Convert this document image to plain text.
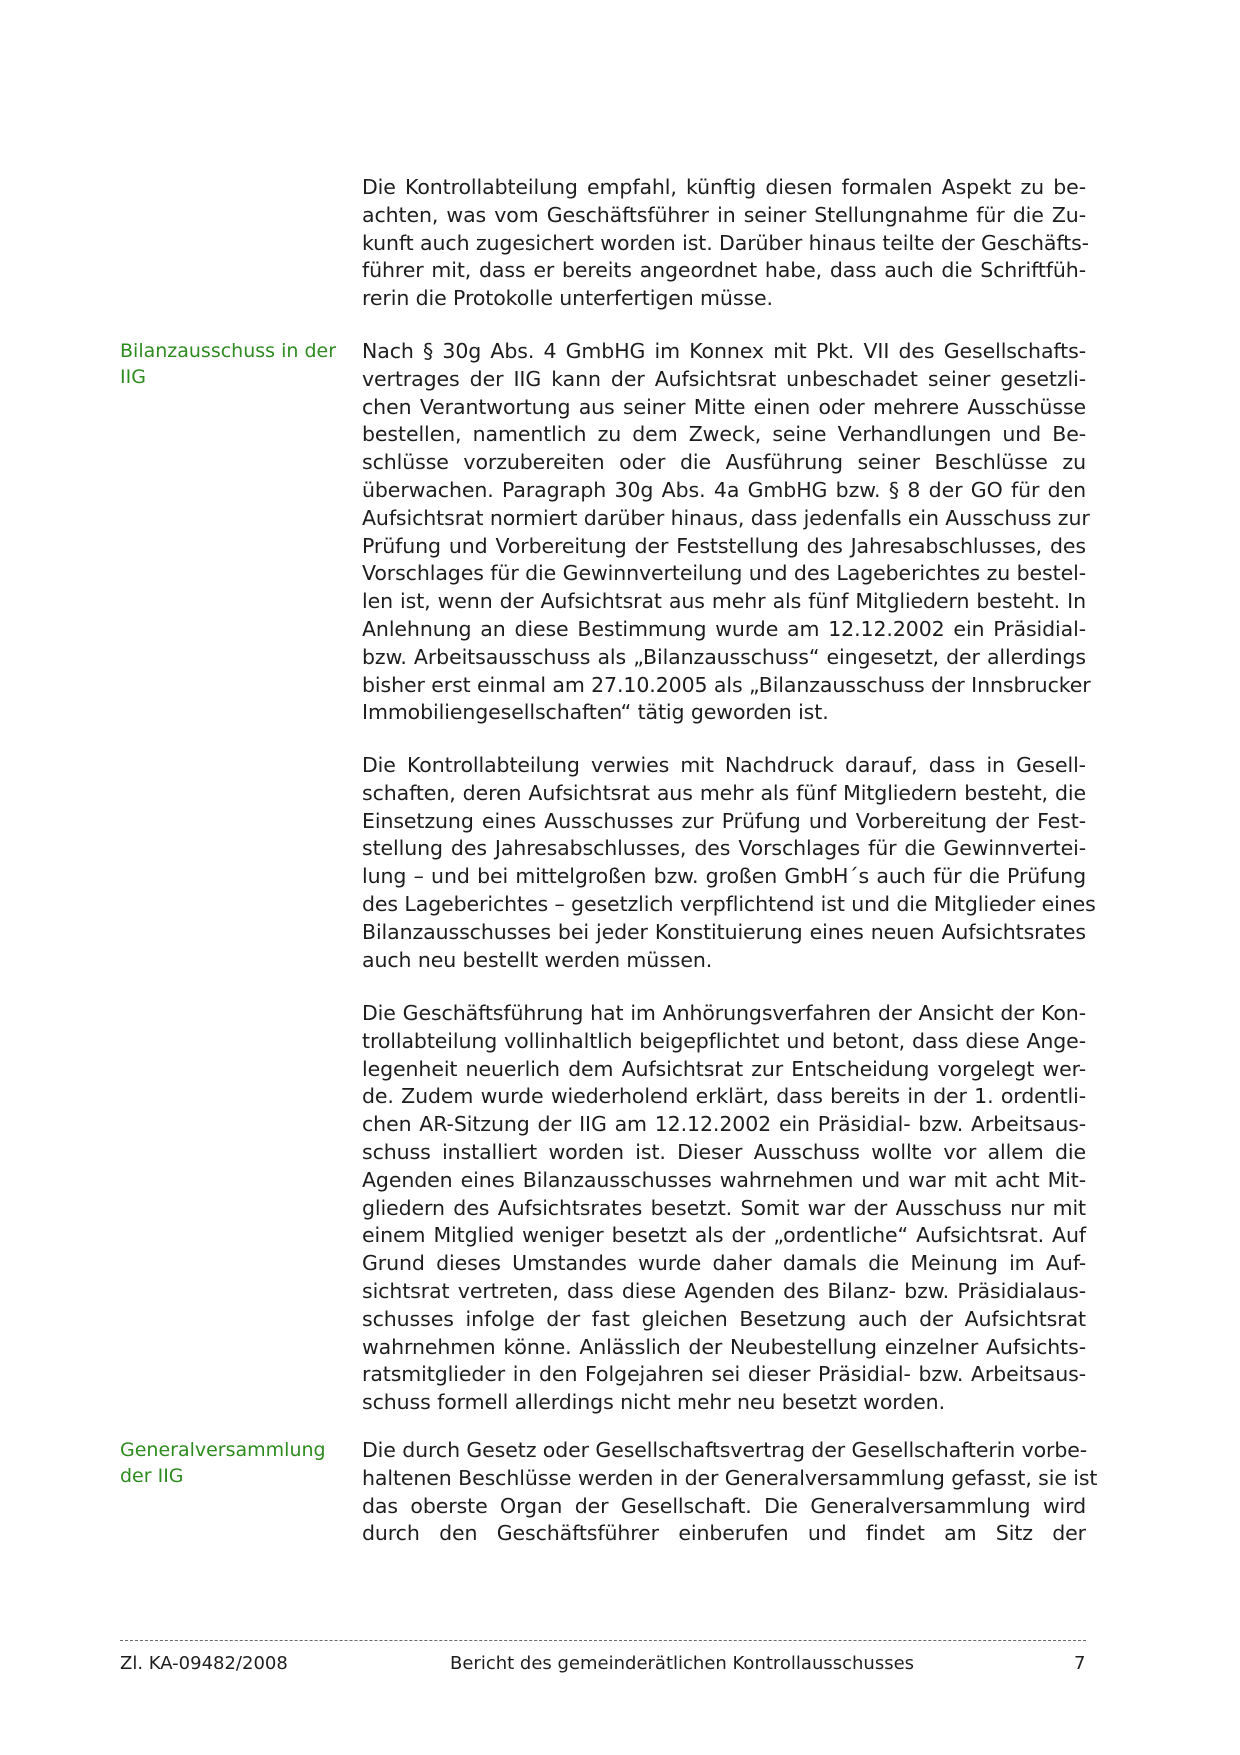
Die Kontrollabteilung empfahl, künftig diesen formalen Aspekt zu be-
achten, was vom Geschäftsführer in seiner Stellungnahme für die Zu-
kunft auch zugesichert worden ist. Darüber hinaus teilte der Geschäfts-
führer mit, dass er bereits angeordnet habe, dass auch die Schriftfüh-
rerin die Protokolle unterfertigen müsse.
Bilanzausschuss in der
IIG
Nach § 30g Abs. 4 GmbHG im Konnex mit Pkt. VII des Gesellschafts-
vertrages der IIG kann der Aufsichtsrat unbeschadet seiner gesetzli-
chen Verantwortung aus seiner Mitte einen oder mehrere Ausschüsse
bestellen, namentlich zu dem Zweck, seine Verhandlungen und Be-
schlüsse vorzubereiten oder die Ausführung seiner Beschlüsse zu
überwachen. Paragraph 30g Abs. 4a GmbHG bzw. § 8 der GO für den
Aufsichtsrat normiert darüber hinaus, dass jedenfalls ein Ausschuss zur
Prüfung und Vorbereitung der Feststellung des Jahresabschlusses, des
Vorschlages für die Gewinnverteilung und des Lageberichtes zu bestel-
len ist, wenn der Aufsichtsrat aus mehr als fünf Mitgliedern besteht. In
Anlehnung an diese Bestimmung wurde am 12.12.2002 ein Präsidial-
bzw. Arbeitsausschuss als „Bilanzausschuss“ eingesetzt, der allerdings
bisher erst einmal am 27.10.2005 als „Bilanzausschuss der Innsbrucker
Immobiliengesellschaften“ tätig geworden ist.
Die Kontrollabteilung verwies mit Nachdruck darauf, dass in Gesell-
schaften, deren Aufsichtsrat aus mehr als fünf Mitgliedern besteht, die
Einsetzung eines Ausschusses zur Prüfung und Vorbereitung der Fest-
stellung des Jahresabschlusses, des Vorschlages für die Gewinnvertei-
lung – und bei mittelgroßen bzw. großen GmbH´s auch für die Prüfung
des Lageberichtes – gesetzlich verpflichtend ist und die Mitglieder eines
Bilanzausschusses bei jeder Konstituierung eines neuen Aufsichtsrates
auch neu bestellt werden müssen.
Die Geschäftsführung hat im Anhörungsverfahren der Ansicht der Kon-
trollabteilung vollinhaltlich beigepflichtet und betont, dass diese Ange-
legenheit neuerlich dem Aufsichtsrat zur Entscheidung vorgelegt wer-
de. Zudem wurde wiederholend erklärt, dass bereits in der 1. ordentli-
chen AR-Sitzung der IIG am 12.12.2002 ein Präsidial- bzw. Arbeitsaus-
schuss installiert worden ist. Dieser Ausschuss wollte vor allem die
Agenden eines Bilanzausschusses wahrnehmen und war mit acht Mit-
gliedern des Aufsichtsrates besetzt. Somit war der Ausschuss nur mit
einem Mitglied weniger besetzt als der „ordentliche“ Aufsichtsrat. Auf
Grund dieses Umstandes wurde daher damals die Meinung im Auf-
sichtsrat vertreten, dass diese Agenden des Bilanz- bzw. Präsidialaus-
schusses infolge der fast gleichen Besetzung auch der Aufsichtsrat
wahrnehmen könne. Anlässlich der Neubestellung einzelner Aufsichts-
ratsmitglieder in den Folgejahren sei dieser Präsidial- bzw. Arbeitsaus-
schuss formell allerdings nicht mehr neu besetzt worden.
Generalversammlung
der IIG
Die durch Gesetz oder Gesellschaftsvertrag der Gesellschafterin vorbe-
haltenen Beschlüsse werden in der Generalversammlung gefasst, sie ist
das oberste Organ der Gesellschaft. Die Generalversammlung wird
durch den Geschäftsführer einberufen und findet am Sitz der
Zl. KA-09482/2008	Bericht des gemeinderätlichen Kontrollausschusses	7
